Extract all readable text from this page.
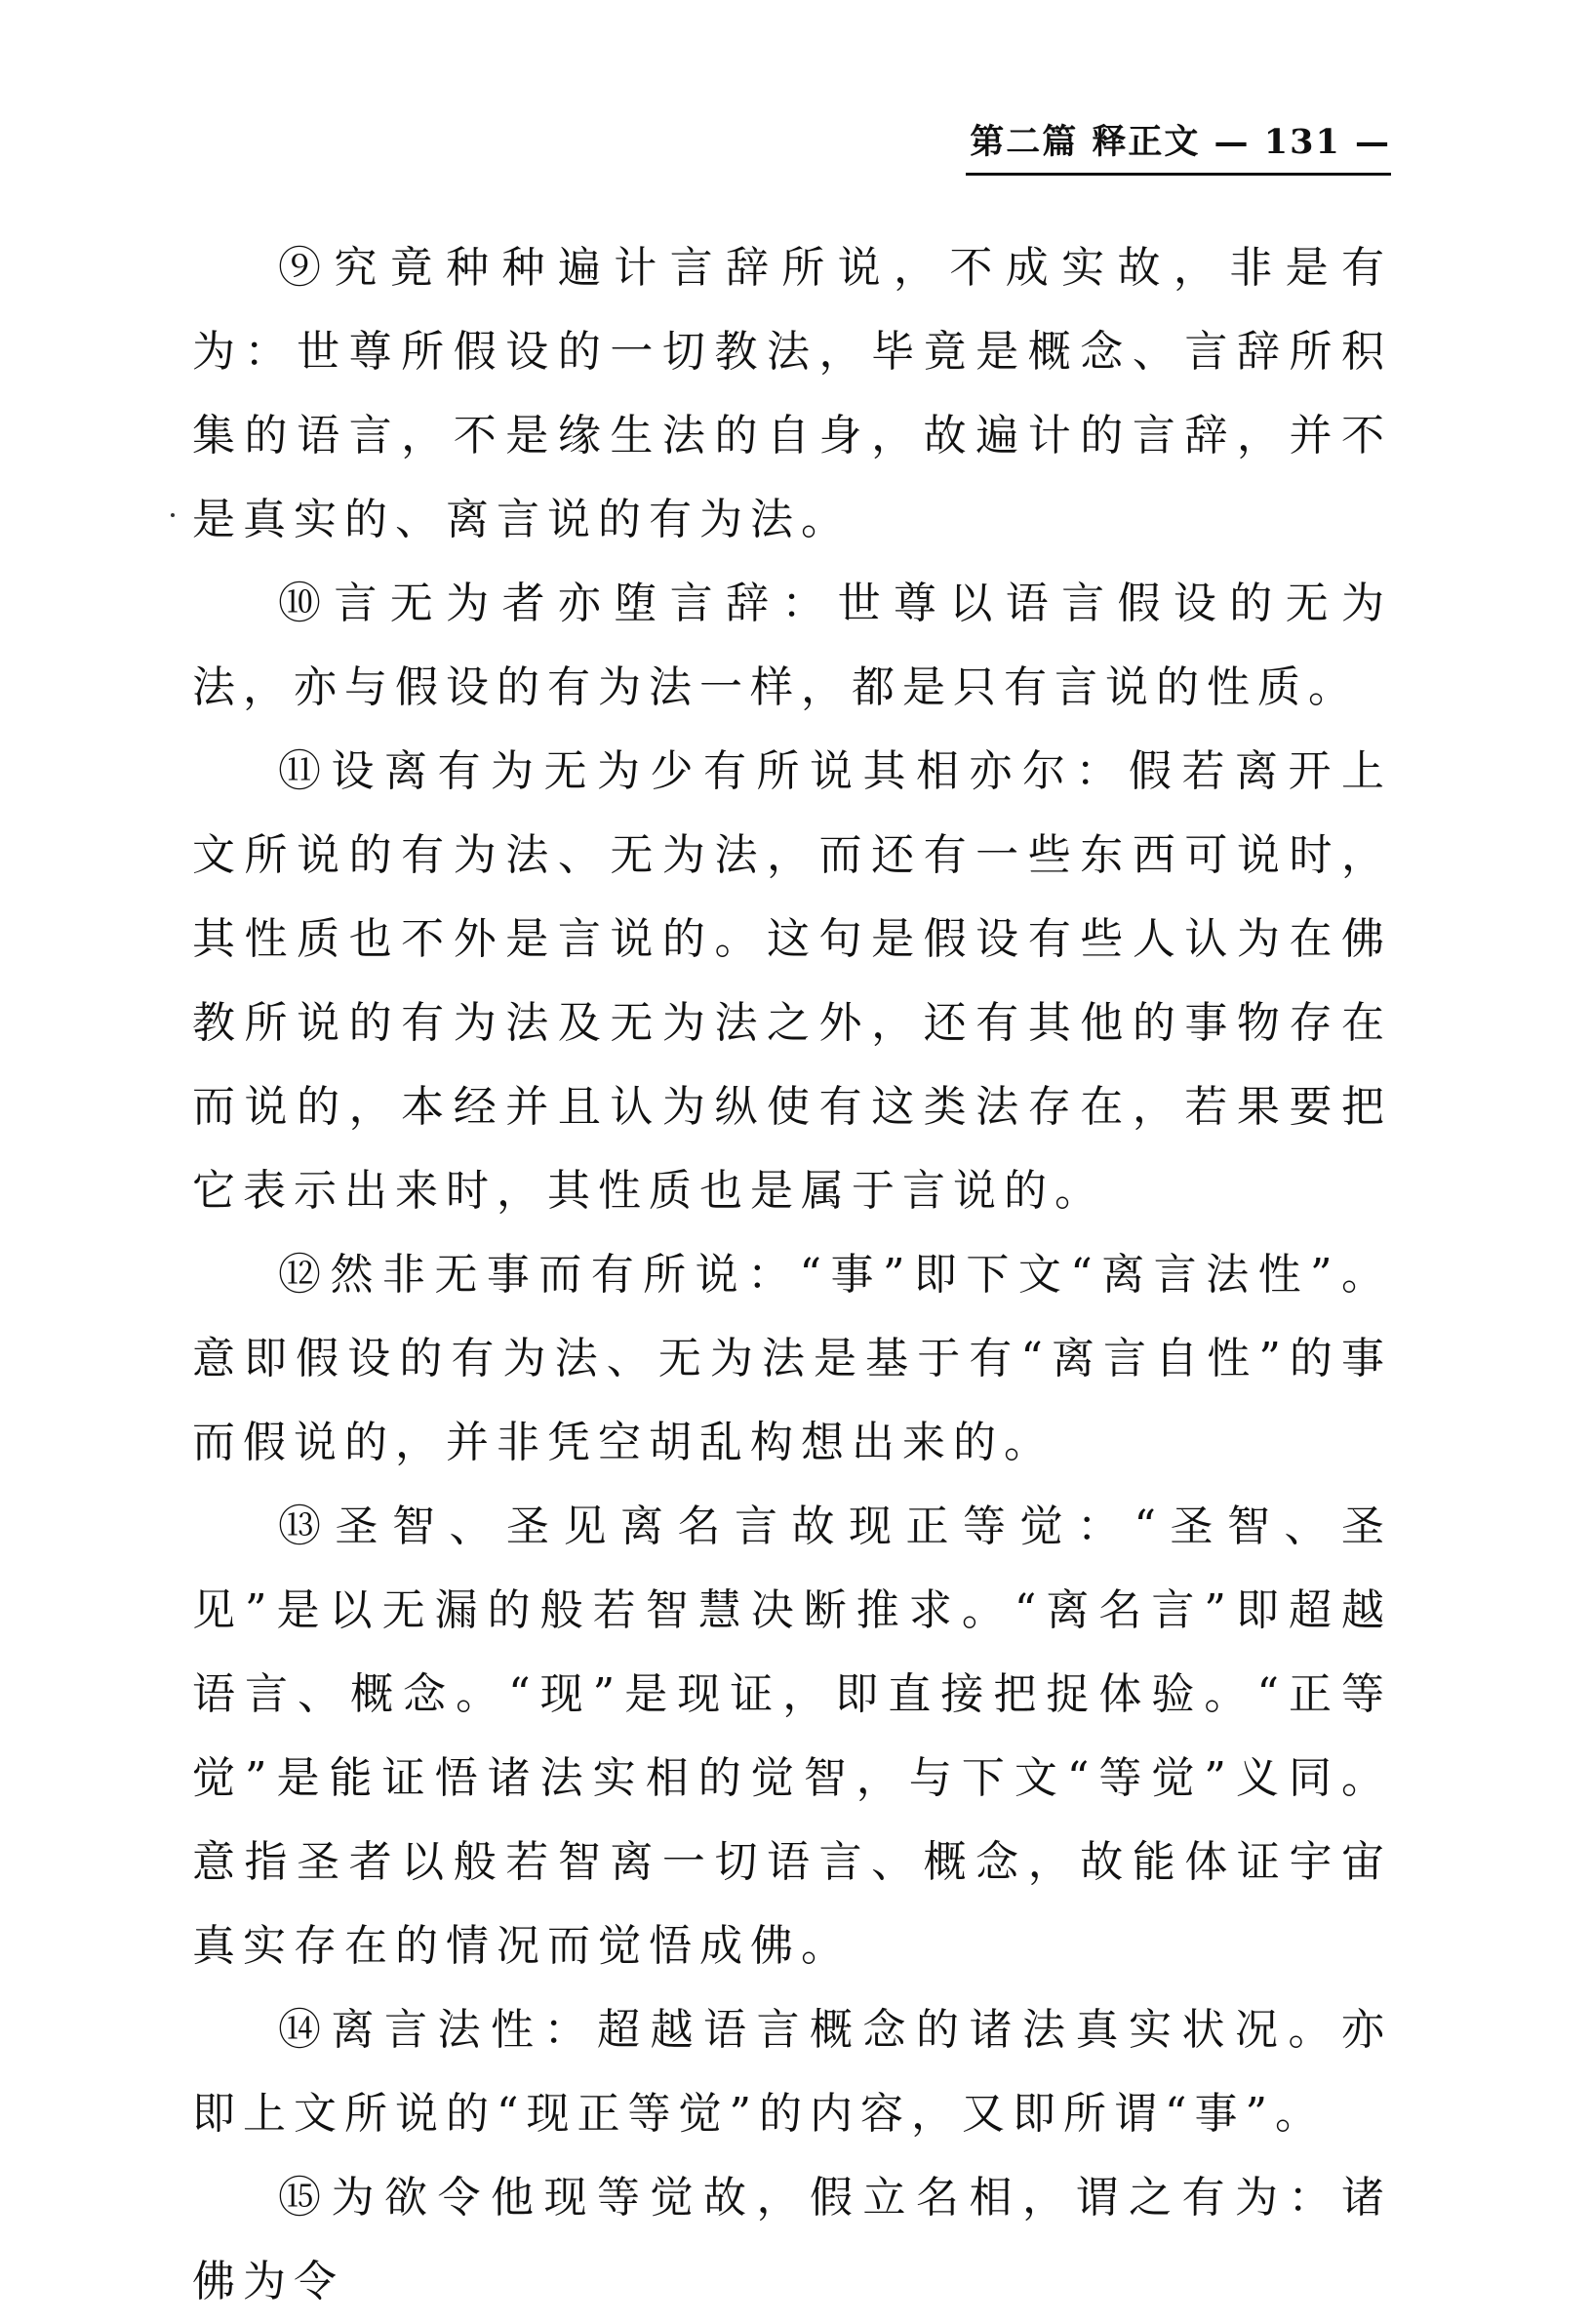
第二篇 释正文 — 131 —

⑨究竟种种遍计言辞所说，不成实故，非是有为：世尊所假设的一切教法，毕竟是概念、言辞所积集的语言，不是缘生法的自身，故遍计的言辞，并不是真实的、离言说的有为法。

⑩言无为者亦堕言辞：世尊以语言假设的无为法，亦与假设的有为法一样，都是只有言说的性质。

⑪设离有为无为少有所说其相亦尔：假若离开上文所说的有为法、无为法，而还有一些东西可说时，其性质也不外是言说的。这句是假设有些人认为在佛教所说的有为法及无为法之外，还有其他的事物存在而说的，本经并且认为纵使有这类法存在，若果要把它表示出来时，其性质也是属于言说的。

⑫然非无事而有所说：“事”即下文“离言法性”。意即假设的有为法、无为法是基于有“离言自性”的事而假说的，并非凭空胡乱构想出来的。

⑬圣智、圣见离名言故现正等觉：“圣智、圣见”是以无漏的般若智慧决断推求。“离名言”即超越语言、概念。“现”是现证，即直接把捉体验。“正等觉”是能证悟诸法实相的觉智，与下文“等觉”义同。意指圣者以般若智离一切语言、概念，故能体证宇宙真实存在的情况而觉悟成佛。

⑭离言法性：超越语言概念的诸法真实状况。亦即上文所说的“现正等觉”的内容，又即所谓“事”。

⑮为欲令他现等觉故，假立名相，谓之有为：诸佛为令
